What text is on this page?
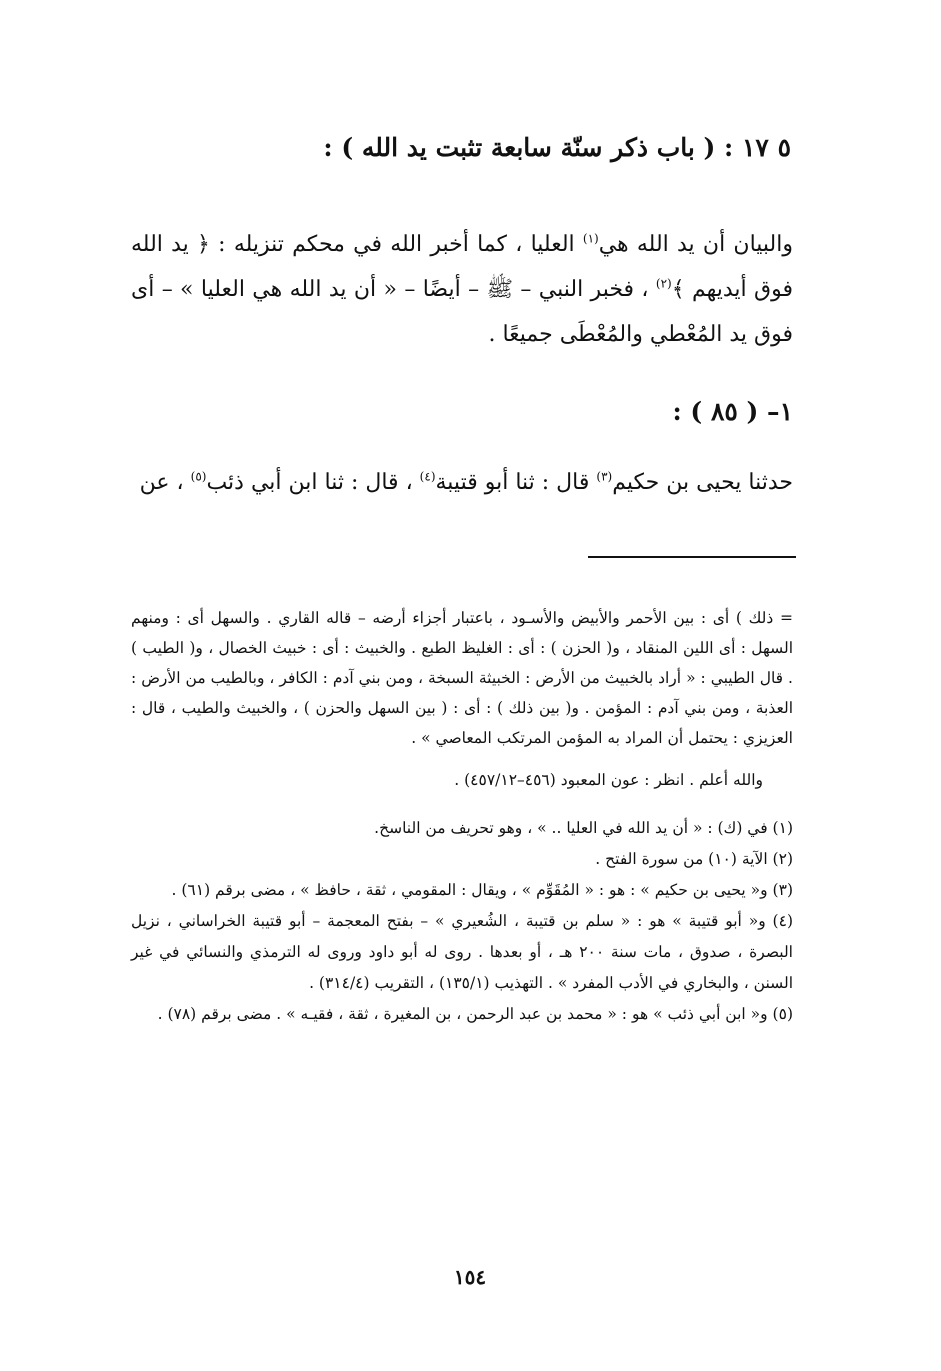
٥ ١٧ : ( باب ذكر سنّة سابعة تثبت يد الله ) :
والبيان أن يد الله هي$^{(١)}$ العليا ، كما أخبر الله في محكم تنزيله : ﴿ يد الله فوق أيديهم ﴾$^{(٢)}$ ، فخبر النبي – ﷺ – أيضًا – « أن يد الله هي العليا » – أى فوق يد المُعْطي والمُعْطَى جميعًا .
١– ( ٨٥ ) :
حدثنا يحيى بن حكيم$^{(٣)}$ قال : ثنا أبو قتيبة$^{(٤)}$ ، قال : ثنا ابن أبي ذئب$^{(٥)}$ ، عن
= ذلك ) أى : بين الأحمر والأبيض والأسـود ، باعتبار أجزاء أرضه – قاله القاري . والسهل أى : ومنهم السهل : أى اللين المنقاد ، و( الحزن ) : أى : الغليظ الطبع . والخبيث : أى : خبيث الخصال ، و( الطيب ) . قال الطيبي : « أراد بالخبيث من الأرض : الخبيثة السبخة ، ومن بني آدم : الكافر ، وبالطيب من الأرض : العذبة ، ومن بني آدم : المؤمن . و( بين ذلك ) : أى : ( بين السهل والحزن ) ، والخبيث والطيب ، قال : العزيزي : يحتمل أن المراد به المؤمن المرتكب المعاصي » .
والله أعلم . انظر : عون المعبود (٤٥٦–٤٥٧/١٢) .
(١) في (ك) : « أن يد الله في العليا .. » ، وهو تحريف من الناسخ.
(٢) الآية (١٠) من سورة الفتح .
(٣) و« يحيى بن حكيم » : هو : « المُقَوِّم » ، ويقال : المقومي ، ثقة ، حافظ » ، مضى برقم (٦١) .
(٤) و« أبو قتيبة » هو : « سلم بن قتيبة ، الشُعيري » – بفتح المعجمة – أبو قتيبة الخراساني ، نزيل البصرة ، صدوق ، مات سنة ٢٠٠ هـ ، أو بعدها . روى له أبو داود وروى له الترمذي والنسائي في غير السنن ، والبخاري في الأدب المفرد » . التهذيب (١٣٥/١) ، التقريب (٣١٤/٤) .
(٥) و« ابن أبي ذئب » هو : « محمد بن عبد الرحمن ، بن المغيرة ، ثقة ، فقيـه » . مضى برقم (٧٨) .
١٥٤
